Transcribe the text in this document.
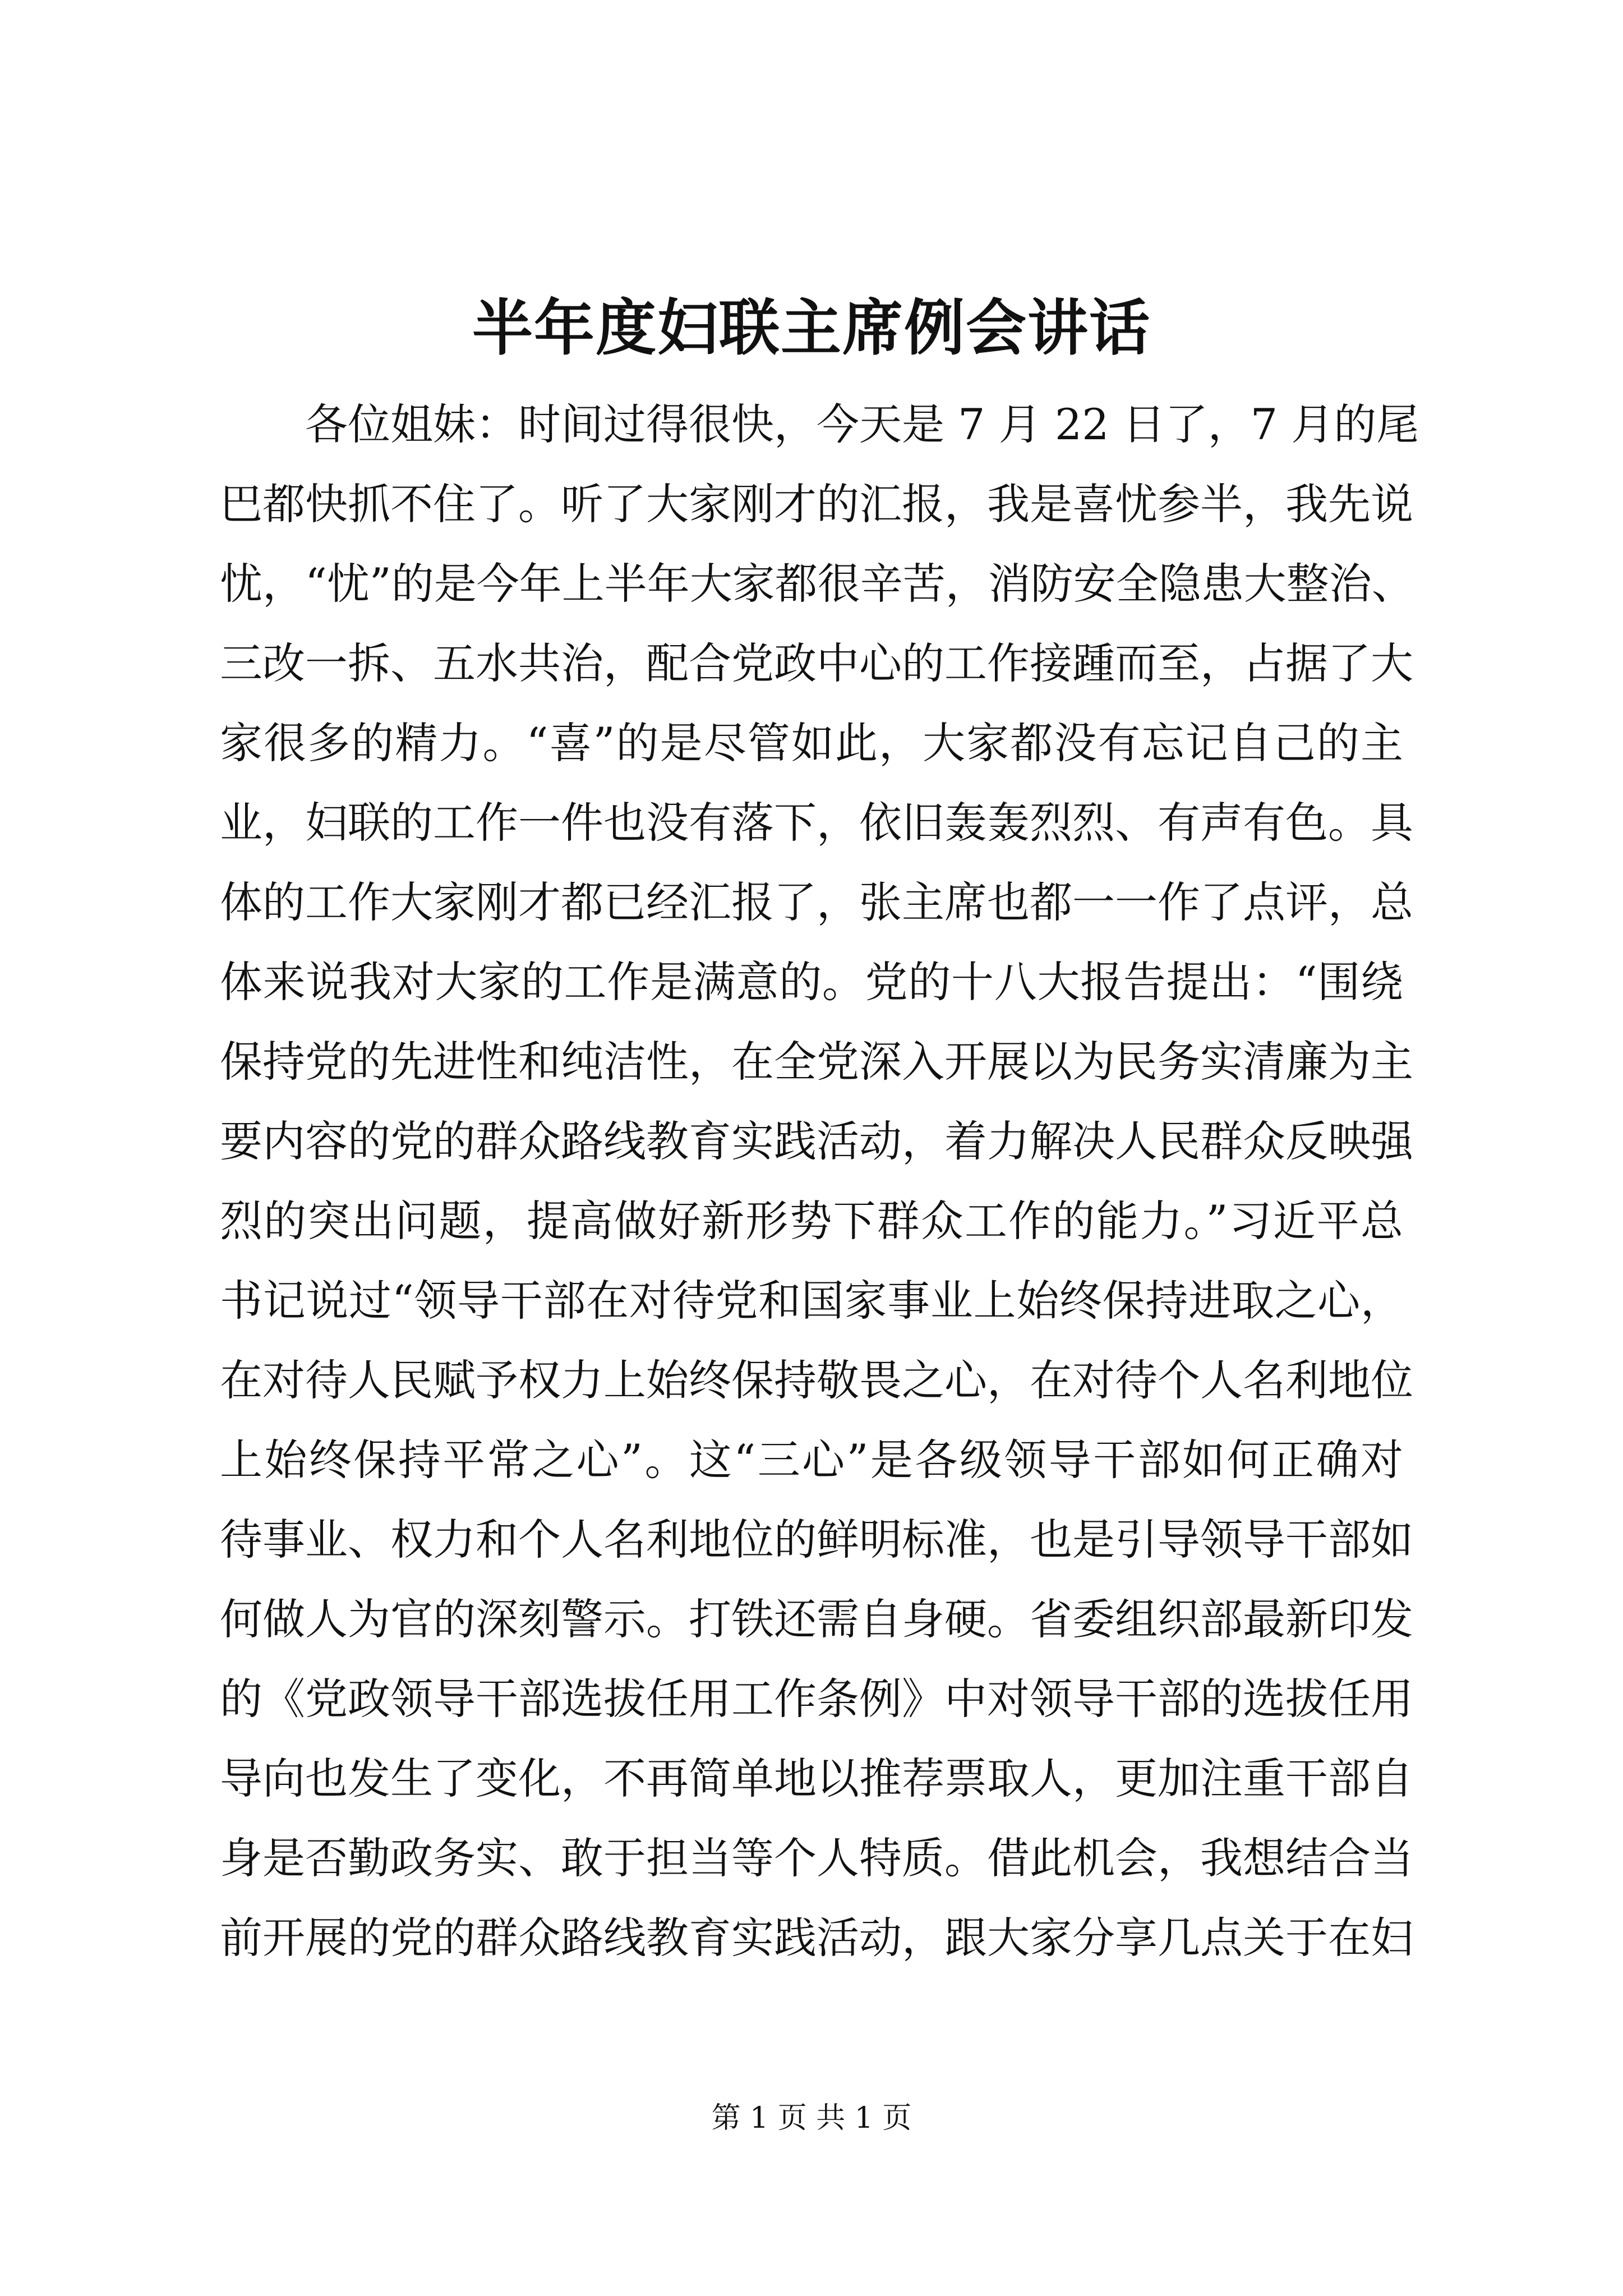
半年度妇联主席例会讲话
各位姐妹：时间过得很快，今天是 7 月 22 日了，7 月的尾
巴都快抓不住了。听了大家刚才的汇报，我是喜忧参半，我先说
忧，“忧”的是今年上半年大家都很辛苦，消防安全隐患大整治、
三改一拆、五水共治，配合党政中心的工作接踵而至，占据了大
家很多的精力。“喜”的是尽管如此，大家都没有忘记自己的主
业，妇联的工作一件也没有落下，依旧轰轰烈烈、有声有色。具
体的工作大家刚才都已经汇报了，张主席也都一一作了点评，总
体来说我对大家的工作是满意的。党的十八大报告提出：“围绕
保持党的先进性和纯洁性，在全党深入开展以为民务实清廉为主
要内容的党的群众路线教育实践活动，着力解决人民群众反映强
烈的突出问题，提高做好新形势下群众工作的能力。”习近平总
书记说过“领导干部在对待党和国家事业上始终保持进取之心，
在对待人民赋予权力上始终保持敬畏之心，在对待个人名利地位
上始终保持平常之心”。这“三心”是各级领导干部如何正确对
待事业、权力和个人名利地位的鲜明标准，也是引导领导干部如
何做人为官的深刻警示。打铁还需自身硬。省委组织部最新印发
的《党政领导干部选拔任用工作条例》中对领导干部的选拔任用
导向也发生了变化，不再简单地以推荐票取人，更加注重干部自
身是否勤政务实、敢于担当等个人特质。借此机会，我想结合当
前开展的党的群众路线教育实践活动，跟大家分享几点关于在妇
第 1 页 共 1 页
